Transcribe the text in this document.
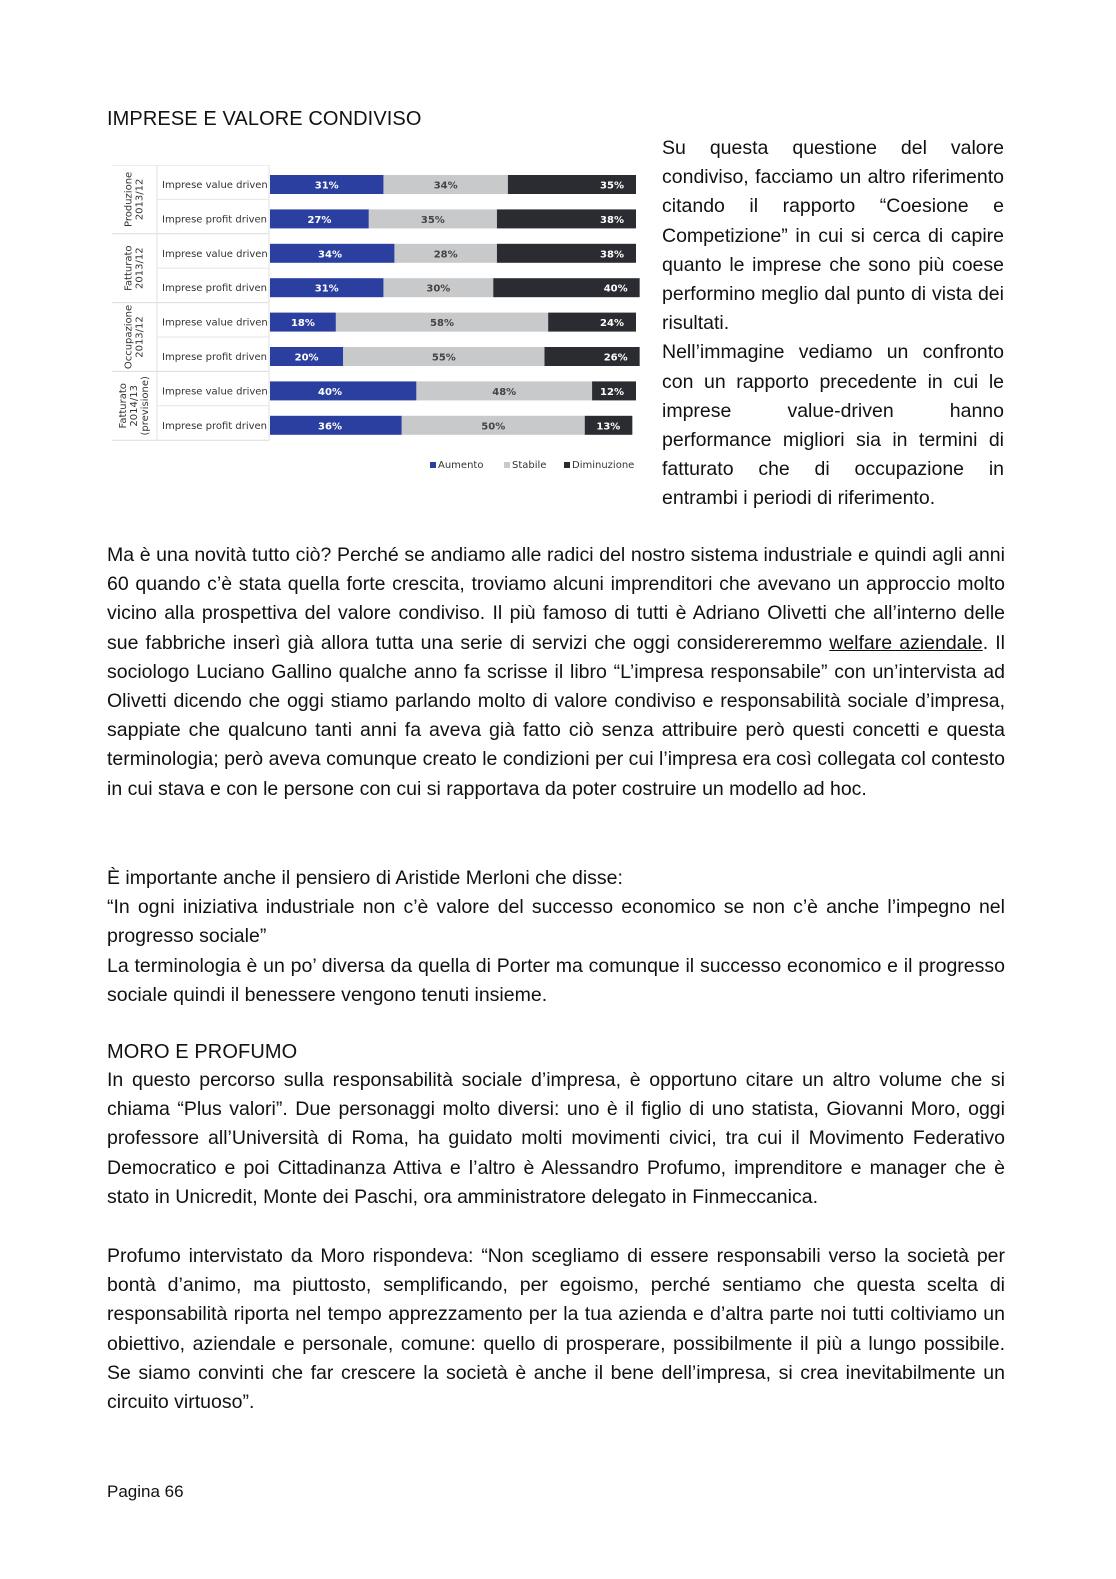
IMPRESE E VALORE CONDIVISO
Produzione2013/12 Imprese value driven	31%	34%	35%
Imprese profit driven	27%	35%	38%
Fatturato2013/12 Imprese value driven	34%	28%	38%
Imprese profit driven	31%	30%	40%
Occupazione2013/12 Imprese value driven 18%	58%	24%
Imprese profit driven	20%	55%	26%
Fatturato2014/13(previsione) Imprese value driven	40%	48%	12%
Imprese profit driven	36%	50%	13%
Aumento	Stabile	Diminuzione

Su questa questione del valore condiviso, facciamo un altro riferimento citando il rapporto “Coesione e Competizione” in cui si cerca di capire quanto le imprese che sono più coese performino meglio dal punto di vista dei risultati.

Nell’immagine vediamo un confronto con un rapporto precedente in cui le imprese value-driven hanno performance migliori sia in termini di fatturato che di occupazione in entrambi i periodi di riferimento.

Ma è una novità tutto ciò? Perché se andiamo alle radici del nostro sistema industriale e quindi agli anni 60 quando c’è stata quella forte crescita, troviamo alcuni imprenditori che avevano un approccio molto vicino alla prospettiva del valore condiviso. Il più famoso di tutti è Adriano Olivetti che all’interno delle sue fabbriche inserì già allora tutta una serie di servizi che oggi considereremmo welfare aziendale. Il sociologo Luciano Gallino qualche anno fa scrisse il libro “L’impresa responsabile” con un’intervista ad Olivetti dicendo che oggi stiamo parlando molto di valore condiviso e responsabilità sociale d’impresa, sappiate che qualcuno tanti anni fa aveva già fatto ciò senza attribuire però questi concetti e questa terminologia; però aveva comunque creato le condizioni per cui l’impresa era così collegata col contesto in cui stava e con le persone con cui si rapportava da poter costruire un modello ad hoc.

È importante anche il pensiero di Aristide Merloni che disse:
“In ogni iniziativa industriale non c’è valore del successo economico se non c’è anche l’impegno nel progresso sociale”
La terminologia è un po’ diversa da quella di Porter ma comunque il successo economico e il progresso sociale quindi il benessere vengono tenuti insieme.
MORO E PROFUMO

In questo percorso sulla responsabilità sociale d’impresa, è opportuno citare un altro volume che si chiama “Plus valori”. Due personaggi molto diversi: uno è il figlio di uno statista, Giovanni Moro, oggi professore all’Università di Roma, ha guidato molti movimenti civici, tra cui il Movimento Federativo Democratico e poi Cittadinanza Attiva e l’altro è Alessandro Profumo, imprenditore e manager che è stato in Unicredit, Monte dei Paschi, ora amministratore delegato in Finmeccanica.

Profumo intervistato da Moro rispondeva: “Non scegliamo di essere responsabili verso la società per bontà d’animo, ma piuttosto, semplificando, per egoismo, perché sentiamo che questa scelta di responsabilità riporta nel tempo apprezzamento per la tua azienda e d’altra parte noi tutti coltiviamo un obiettivo, aziendale e personale, comune: quello di prosperare, possibilmente il più a lungo possibile. Se siamo convinti che far crescere la società è anche il bene dell’impresa, si crea inevitabilmente un circuito virtuoso”.

Pagina 66
